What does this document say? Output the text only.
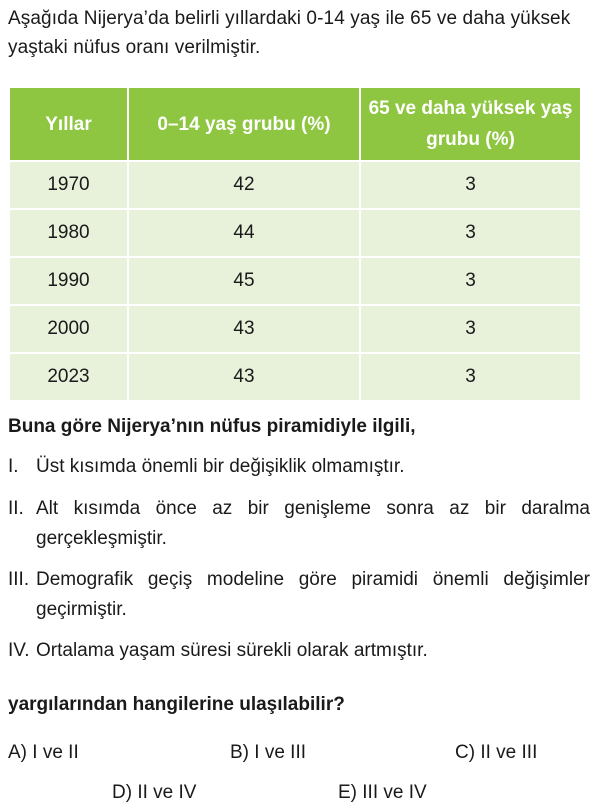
Aşağıda Nijerya’da belirli yıllardaki 0-14 yaş ile 65 ve daha yüksek yaştaki nüfus oranı verilmiştir.

Yıllar	0–14 yaş grubu (%)	65 ve daha yüksek yaş grubu (%)
1970	42	3
1980	44	3
1990	45	3
2000	43	3
2023	43	3

Buna göre Nijerya’nın nüfus piramidiyle ilgili,

I. Üst kısımda önemli bir değişiklik olmamıştır.
II. Alt kısımda önce az bir genişleme sonra az bir daralma gerçekleşmiştir.
III. Demografik geçiş modeline göre piramidi önemli değişimler geçirmiştir.
IV. Ortalama yaşam süresi sürekli olarak artmıştır.

yargılarından hangilerine ulaşılabilir?

A) I ve II	B) I ve III	C) II ve III
D) II ve IV	E) III ve IV
